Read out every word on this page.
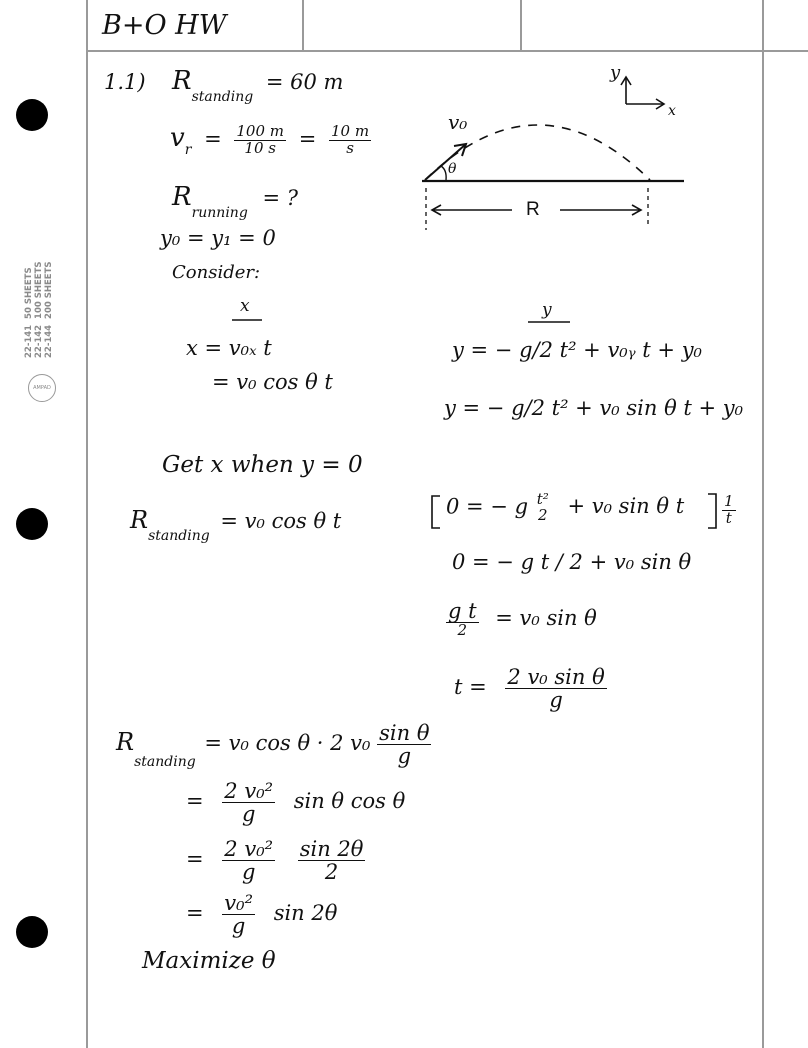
22-141  50 SHEETS
22-142  100 SHEETS
22-144  200 SHEETS
AMPAD
B+O HW
1.1) $R_{standing} = 60$ m
$v_r = \frac{100 m}{10 s} = \frac{10 m}{s}$
$R_{running}$ = ?
y₀ = y₁ = 0
Consider:
y
x
v₀
θ
R
x
x = v₀ₓ t
= v₀ cos θ t
y
y = − g/2 t² + v₀ᵧ t + y₀
y = − g/2 t² + v₀ sin θ t + y₀
Get x when y = 0
$R_{standing} = v_0$ cos θ t
0 = − g t²
2 + v₀ sin θ t	$\frac{1}{t}$
0 = − g t / 2 + v₀ sin θ
$\frac{\text{g t}}{2} = v_0$ sin θ
$t = \frac{\text{2 v₀ sin θ}}{g}$
$R_{standing} = v_0$ cos θ · 2 $v_0 \frac{\text{sin θ}}{g}$
= $\frac{\text{2 v₀²}}{g}$ sin θ cos θ
= $\frac{\text{2 v₀²}}{g}$
$\frac{\sin 2\theta}{2}$
= $\frac{\text{v₀²}}{g}$ sin 2θ
Maximize θ
